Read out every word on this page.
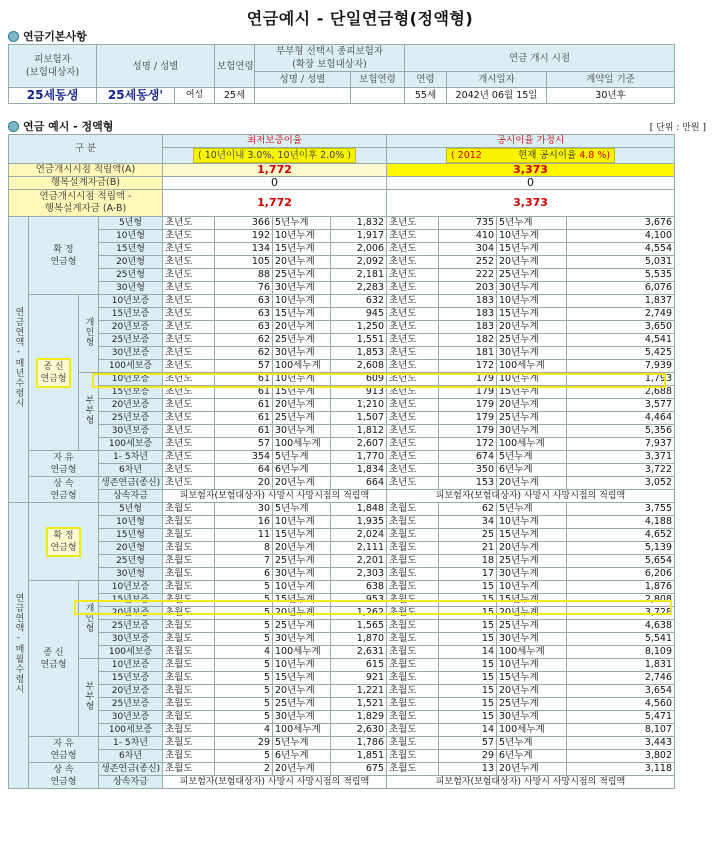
연금예시 - 단일연금형(정액형)
연금기본사항
피보험자
(보험대상자)	성명 / 성별		보험연령	부부형 선택시 종피보험자
(확장 보험대상자)		연금 개시 시점		
				성명 / 성별	보험연령	연령	개시일자	계약일 기준
25세동생	25세동생'	여성	25세			55세	2042년 06월 15일	30년후
연금 예시 - 정액형	[ 단위 : 만원 ]
구 분				최저보증이율				공시이율 가정시			
				( 10년이내 3.0%, 10년이후 2.0% )				( 2012 현재 공시이율 4.8 %)			
연금개시시점 적립액(A)				1,772				3,373			
행복설계자금(B)				0				0			
연금개시시점 적립액 -
행복설계자금 (A-B)				1,772				3,373			
연금연액-매년수령시	확 정
연금형		5년형	초년도	366	5년누계	1,832	초년도	735	5년누계	3,676
			10년형	초년도	192	10년누계	1,917	초년도	410	10년누계	4,100
			15년형	초년도	134	15년누계	2,006	초년도	304	15년누계	4,554
			20년형	초년도	105	20년누계	2,092	초년도	252	20년누계	5,031
			25년형	초년도	88	25년누계	2,181	초년도	222	25년누계	5,535
			30년형	초년도	76	30년누계	2,283	초년도	203	30년누계	6,076
	종 신
연금형	개인형	10년보증	초년도	63	10년누계	632	초년도	183	10년누계	1,837
			15년보증	초년도	63	15년누계	945	초년도	183	15년누계	2,749
			20년보증	초년도	63	20년누계	1,250	초년도	183	20년누계	3,650
			25년보증	초년도	62	25년누계	1,551	초년도	182	25년누계	4,541
			30년보증	초년도	62	30년누계	1,853	초년도	181	30년누계	5,425
			100세보증	초년도	57	100세누계	2,608	초년도	172	100세누계	7,939
		부부형	10년보증	초년도	61	10년누계	609	초년도	179	10년누계	1,793
			15년보증	초년도	61	15년누계	913	초년도	179	15년누계	2,688
			20년보증	초년도	61	20년누계	1,210	초년도	179	20년누계	3,577
			25년보증	초년도	61	25년누계	1,507	초년도	179	25년누계	4,464
			30년보증	초년도	61	30년누계	1,812	초년도	179	30년누계	5,356
			100세보증	초년도	57	100세누계	2,607	초년도	172	100세누계	7,937
	자 유
연금형		1- 5차년	초년도	354	5년누계	1,770	초년도	674	5년누계	3,371
			6차년	초년도	64	6년누계	1,834	초년도	350	6년누계	3,722
	상 속
연금형		생존연금(종신)	초년도	20	20년누계	664	초년도	153	20년누계	3,052
			상속자금	피보험자(보험대상자) 사망시 사망시점의 적립액				피보험자(보험대상자) 사망시 사망시점의 적립액			
연금연액-매월수령시	확 정
연금형		5년형	초월도	30	5년누계	1,848	초월도	62	5년누계	3,755
			10년형	초월도	16	10년누계	1,935	초월도	34	10년누계	4,188
			15년형	초월도	11	15년누계	2,024	초월도	25	15년누계	4,652
			20년형	초월도	8	20년누계	2,111	초월도	21	20년누계	5,139
			25년형	초월도	7	25년누계	2,201	초월도	18	25년누계	5,654
			30년형	초월도	6	30년누계	2,303	초월도	17	30년누계	6,206
	종 신
연금형	개인형	10년보증	초월도	5	10년누계	638	초월도	15	10년누계	1,876
			15년보증	초월도	5	15년누계	953	초월도	15	15년누계	2,808
			20년보증	초월도	5	20년누계	1,262	초월도	15	20년누계	3,728
			25년보증	초월도	5	25년누계	1,565	초월도	15	25년누계	4,638
			30년보증	초월도	5	30년누계	1,870	초월도	15	30년누계	5,541
			100세보증	초월도	4	100세누계	2,631	초월도	14	100세누계	8,109
		부부형	10년보증	초월도	5	10년누계	615	초월도	15	10년누계	1,831
			15년보증	초월도	5	15년누계	921	초월도	15	15년누계	2,746
			20년보증	초월도	5	20년누계	1,221	초월도	15	20년누계	3,654
			25년보증	초월도	5	25년누계	1,521	초월도	15	25년누계	4,560
			30년보증	초월도	5	30년누계	1,829	초월도	15	30년누계	5,471
			100세보증	초월도	4	100세누계	2,630	초월도	14	100세누계	8,107
	자 유
연금형		1- 5차년	초월도	29	5년누계	1,786	초월도	57	5년누계	3,443
			6차년	초월도	5	6년누계	1,851	초월도	29	6년누계	3,802
	상 속
연금형		생존연금(종신)	초월도	2	20년누계	675	초월도	13	20년누계	3,118
			상속자금	피보험자(보험대상자) 사망시 사망시점의 적립액				피보험자(보험대상자) 사망시 사망시점의 적립액			
